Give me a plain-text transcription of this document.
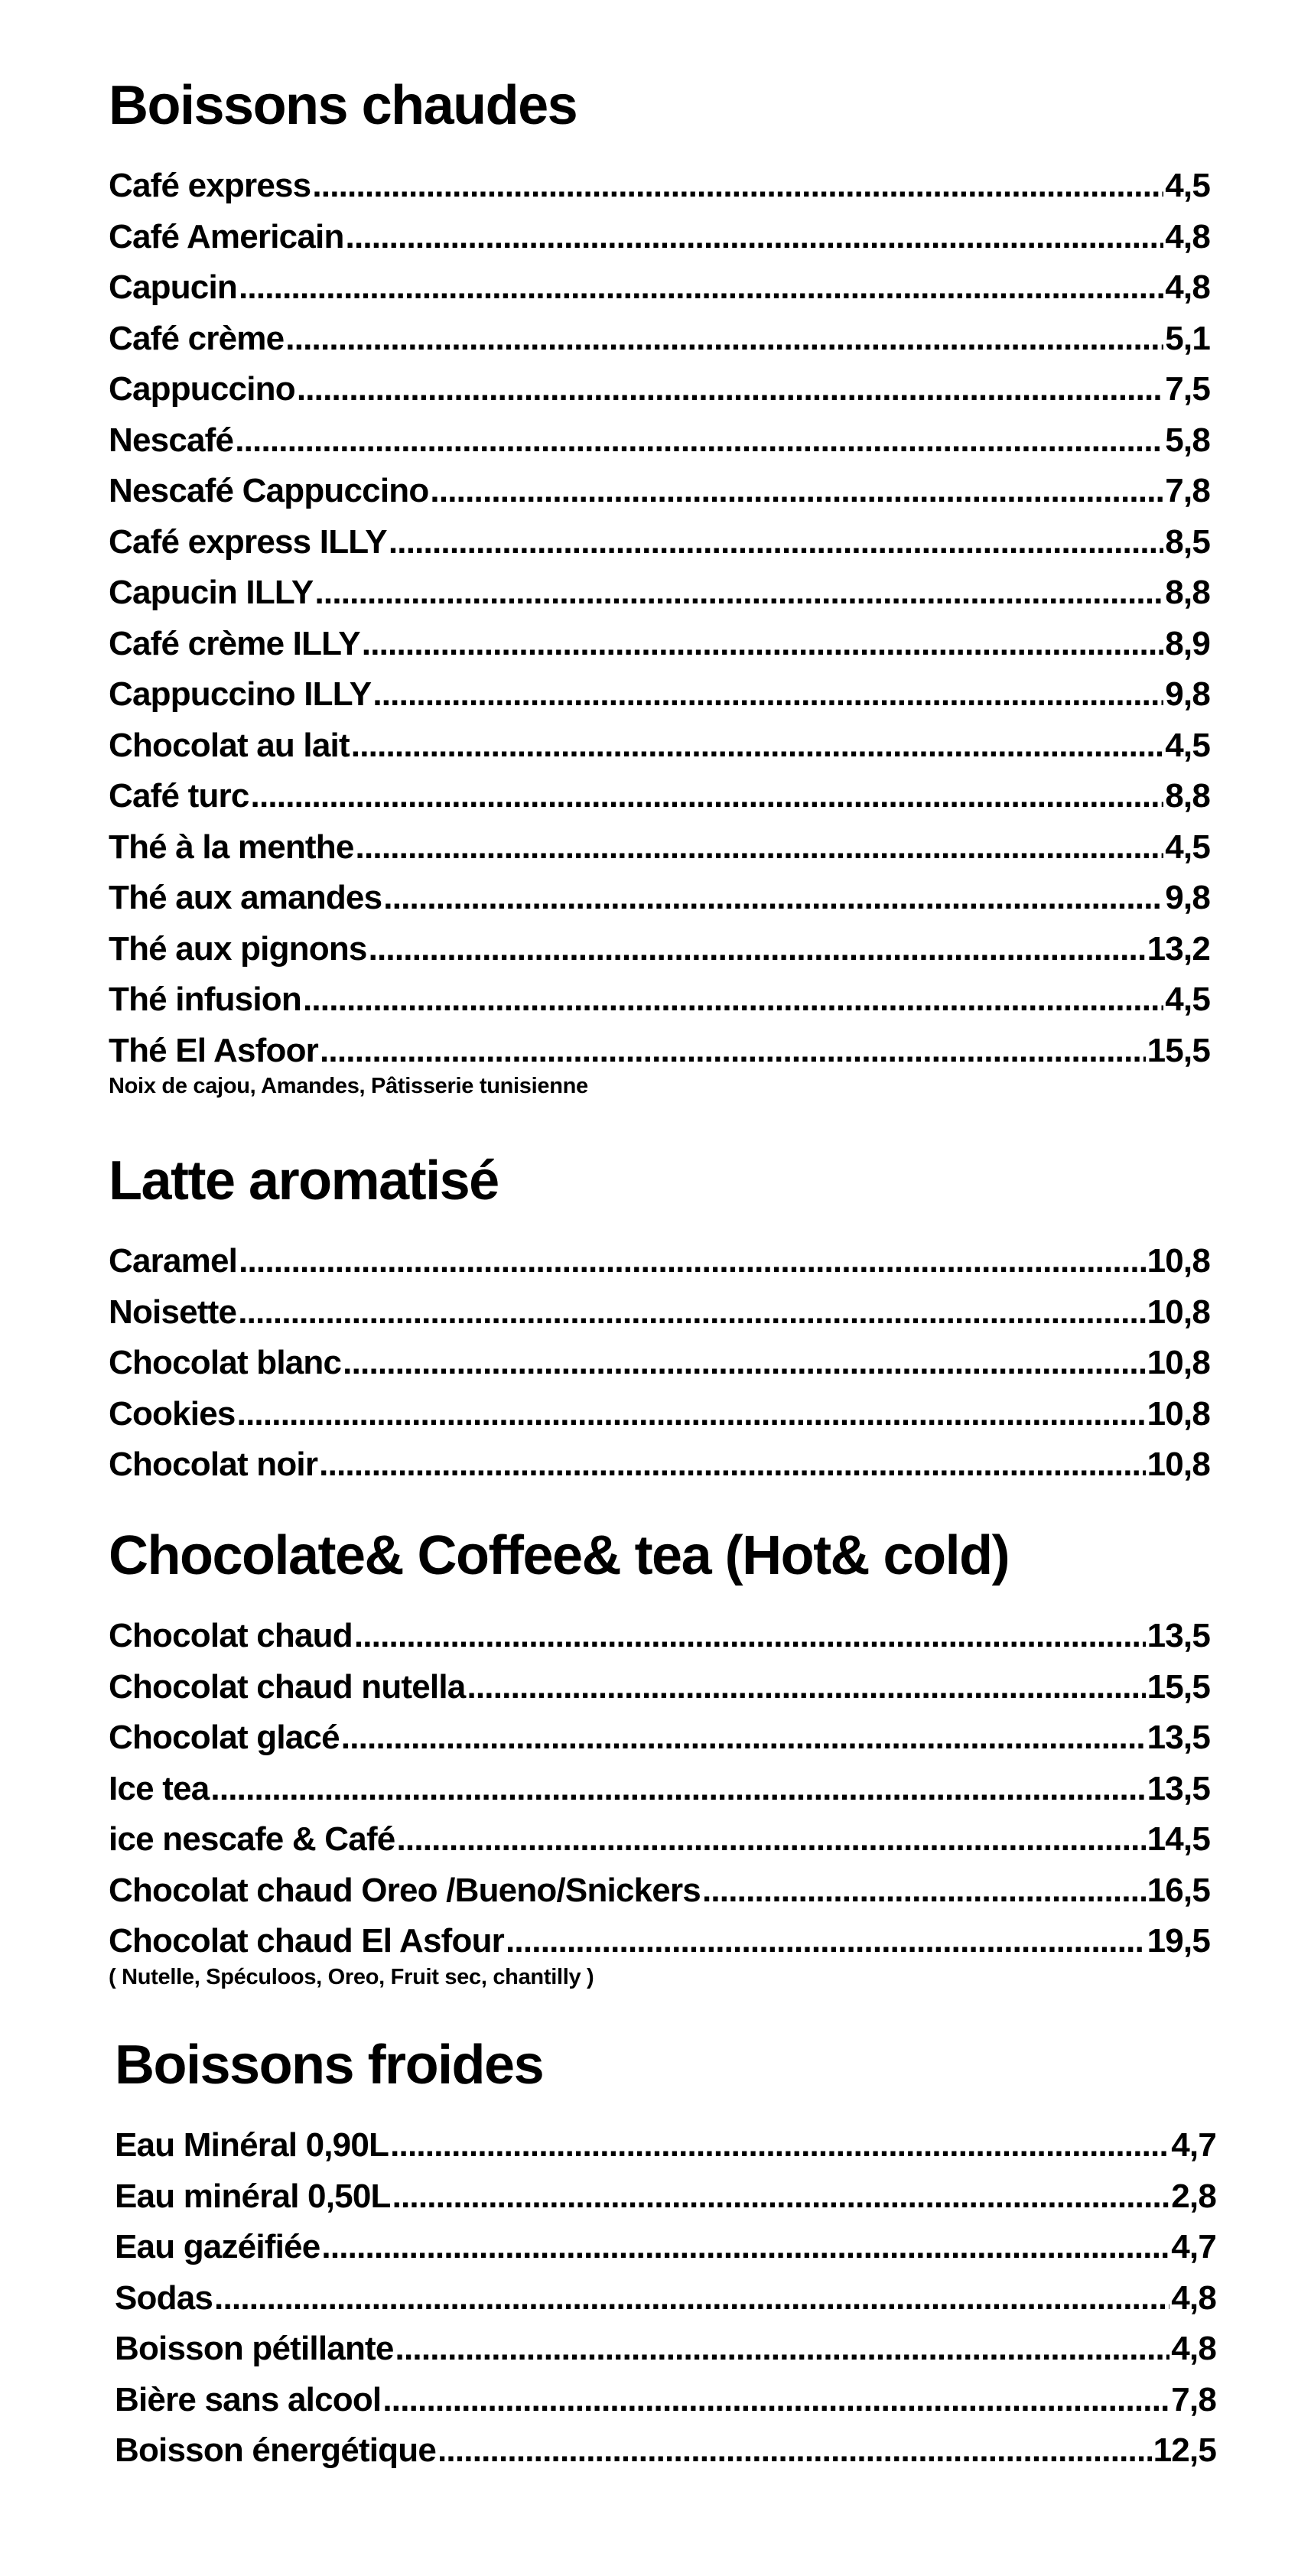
Boissons chaudes
Café express .....	4,5
Café Americain .....	4,8
Capucin .....	4,8
Café crème .....	5,1
Cappuccino .....	7,5
Nescafé .....	5,8
Nescafé Cappuccino .....	7,8
Café express ILLY .....	8,5
Capucin ILLY .....	8,8
Café crème ILLY .....	8,9
Cappuccino ILLY .....	9,8
Chocolat au lait .....	4,5
Café turc .....	8,8
Thé à la menthe .....	4,5
Thé aux amandes .....	9,8
Thé aux pignons .....	13,2
Thé infusion .....	4,5
Thé El Asfoor .....	15,5
Noix de cajou, Amandes, Pâtisserie tunisienne
Latte aromatisé
Caramel .....	10,8
Noisette .....	10,8
Chocolat blanc .....	10,8
Cookies .....	10,8
Chocolat noir .....	10,8
Chocolate& Coffee& tea (Hot& cold)
Chocolat chaud .....	13,5
Chocolat chaud nutella .....	15,5
Chocolat glacé .....	13,5
Ice tea .....	13,5
ice nescafe & Café .....	14,5
Chocolat chaud Oreo /Bueno/Snickers .....	16,5
Chocolat chaud El Asfour .....	19,5
( Nutelle, Spéculoos, Oreo, Fruit sec, chantilly )
Boissons froides
Eau Minéral 0,90L .....	4,7
Eau minéral 0,50L .....	2,8
Eau gazéifiée .....	4,7
Sodas .....	4,8
Boisson pétillante .....	4,8
Bière sans alcool .....	7,8
Boisson énergétique .....	12,5
